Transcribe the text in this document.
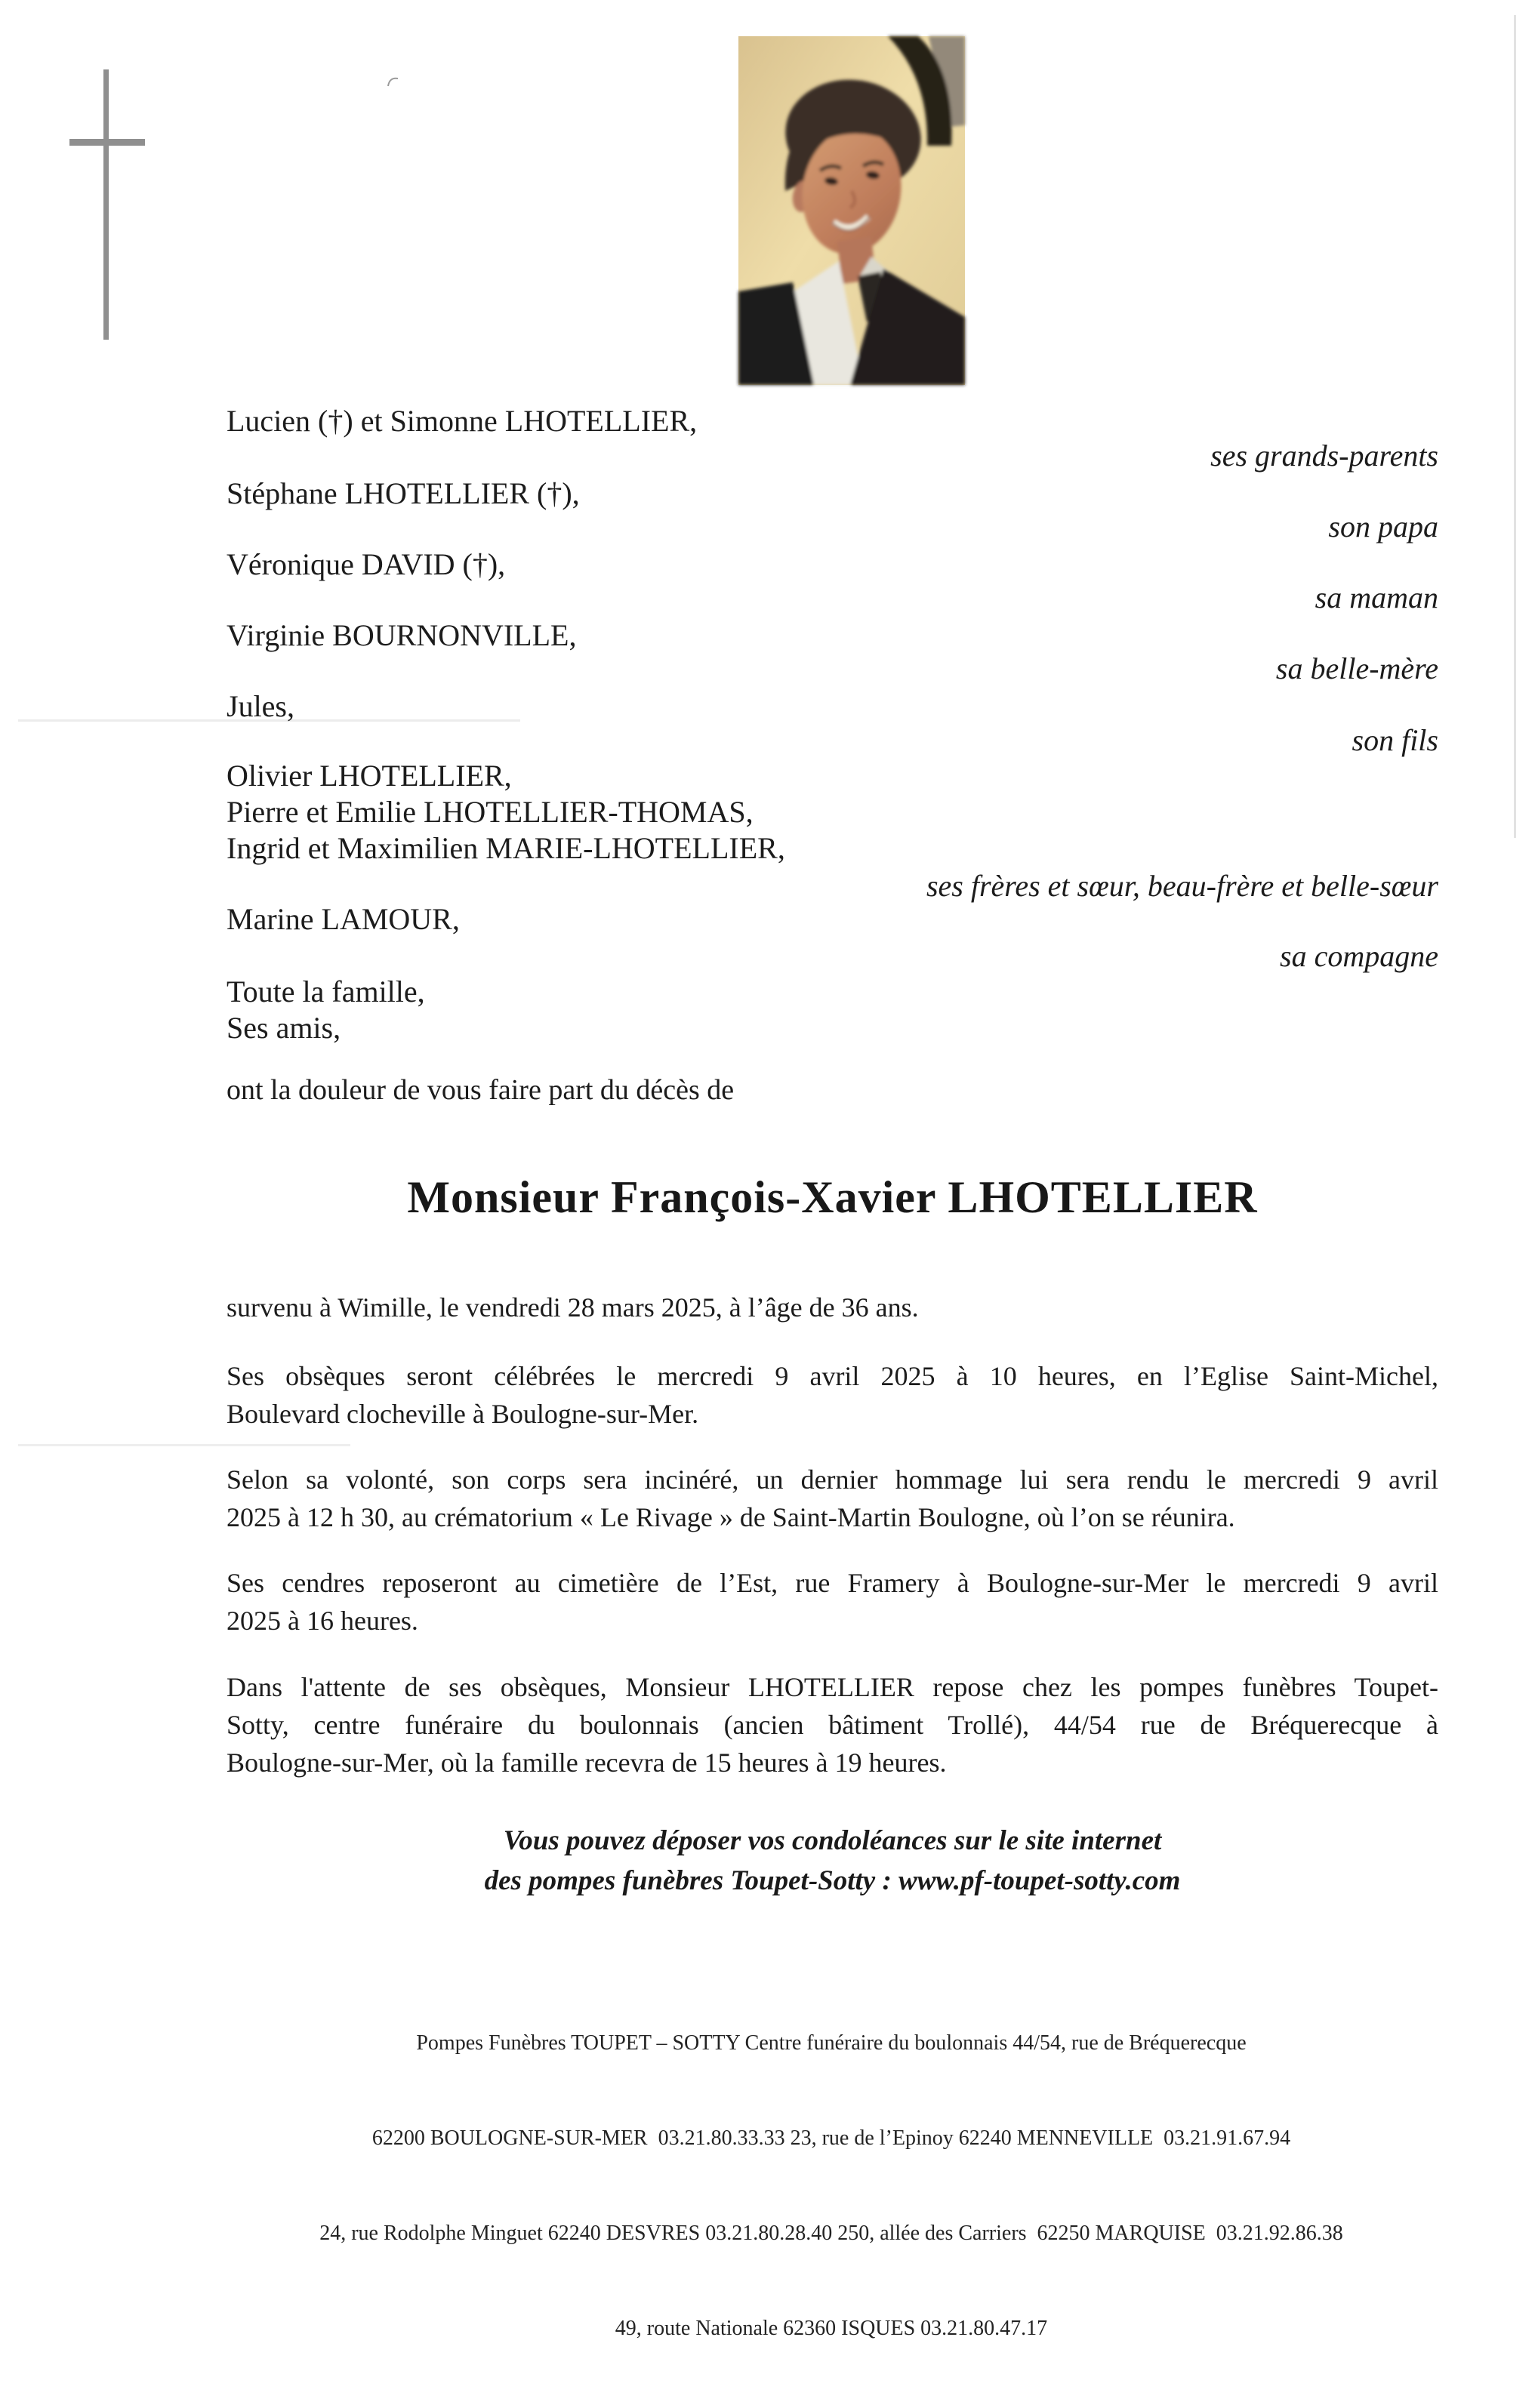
Lucien (†) et Simonne LHOTELLIER,
Stéphane LHOTELLIER (†),
Véronique DAVID (†),
Virginie BOURNONVILLE,
Jules,
Olivier LHOTELLIER,
Pierre et Emilie LHOTELLIER-THOMAS,
Ingrid et Maximilien MARIE-LHOTELLIER,
Marine LAMOUR,
Toute la famille,
Ses amis,
ses grands-parents
son papa
sa maman
sa belle-mère
son fils
ses frères et sœur, beau-frère et belle-sœur
sa compagne
ont la douleur de vous faire part du décès de
Monsieur François-Xavier LHOTELLIER
survenu à Wimille, le vendredi 28 mars 2025, à l’âge de 36 ans.
Ses obsèques seront célébrées le mercredi 9 avril 2025 à 10 heures, en l’Eglise Saint-Michel,
Boulevard clocheville à Boulogne-sur-Mer.
Selon sa volonté, son corps sera incinéré, un dernier hommage lui sera rendu le mercredi 9 avril
2025 à 12 h 30, au crématorium « Le Rivage » de Saint-Martin Boulogne, où l’on se réunira.
Ses cendres reposeront au cimetière de l’Est, rue Framery à Boulogne-sur-Mer le mercredi 9 avril
2025 à 16 heures.
Dans l'attente de ses obsèques, Monsieur LHOTELLIER repose chez les pompes funèbres Toupet-
Sotty, centre funéraire du boulonnais (ancien bâtiment Trollé), 44/54 rue de Bréquerecque à
Boulogne-sur-Mer, où la famille recevra de 15 heures à 19 heures.
Vous pouvez déposer vos condoléances sur le site internet
des pompes funèbres Toupet-Sotty : www.pf-toupet-sotty.com

Pompes Funèbres TOUPET – SOTTY Centre funéraire du boulonnais 44/54, rue de Bréquerecque

62200 BOULOGNE-SUR-MER  03.21.80.33.33 23, rue de l’Epinoy 62240 MENNEVILLE  03.21.91.67.94

24, rue Rodolphe Minguet 62240 DESVRES 03.21.80.28.40 250, allée des Carriers  62250 MARQUISE  03.21.92.86.38

49, route Nationale 62360 ISQUES 03.21.80.47.17
